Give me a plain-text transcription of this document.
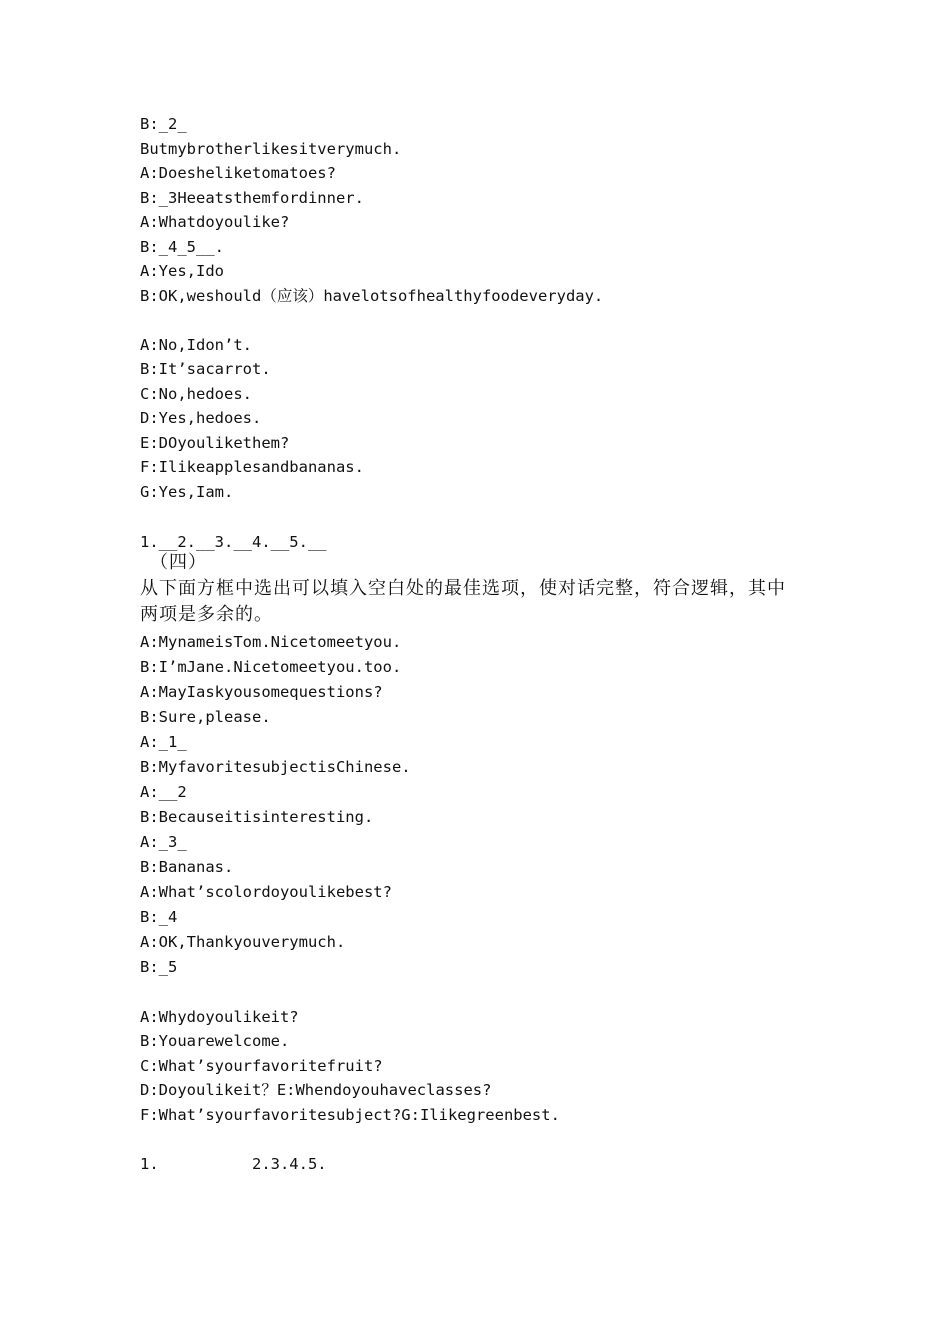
B:_2_
Butmybrotherlikesitverymuch.
A:Doesheliketomatoes?
B:_3Heeatsthemfordinner.
A:Whatdoyoulike?
B:_4_5__.
A:Yes,Ido
B:OK,weshould（应该）havelotsofhealthyfoodeveryday.
A:No,Idon’t.
B:It’sacarrot.
C:No,hedoes.
D:Yes,hedoes.
E:DOyoulikethem?
F:Ilikeapplesandbananas.
G:Yes,Iam.
1.__2.__3.__4.__5.__
（四）
从下面方框中选出可以填入空白处的最佳选项，使对话完整，符合逻辑，其中
两项是多余的。
A:MynameisTom.Nicetomeetyou.
B:I’mJane.Nicetomeetyou.too.
A:MayIaskyousomequestions?
B:Sure,please.
A:_1_
B:MyfavoritesubjectisChinese.
A:__2
B:Becauseitisinteresting.
A:_3_
B:Bananas.
A:What’scolordoyoulikebest?
B:_4
A:OK,Thankyouverymuch.
B:_5
A:Whydoyoulikeit?
B:Youarewelcome.
C:What’syourfavoritefruit?
D:Doyoulikeit？E:Whendoyouhaveclasses?
F:What’syourfavoritesubject?G:Ilikegreenbest.
1.          2.3.4.5.
